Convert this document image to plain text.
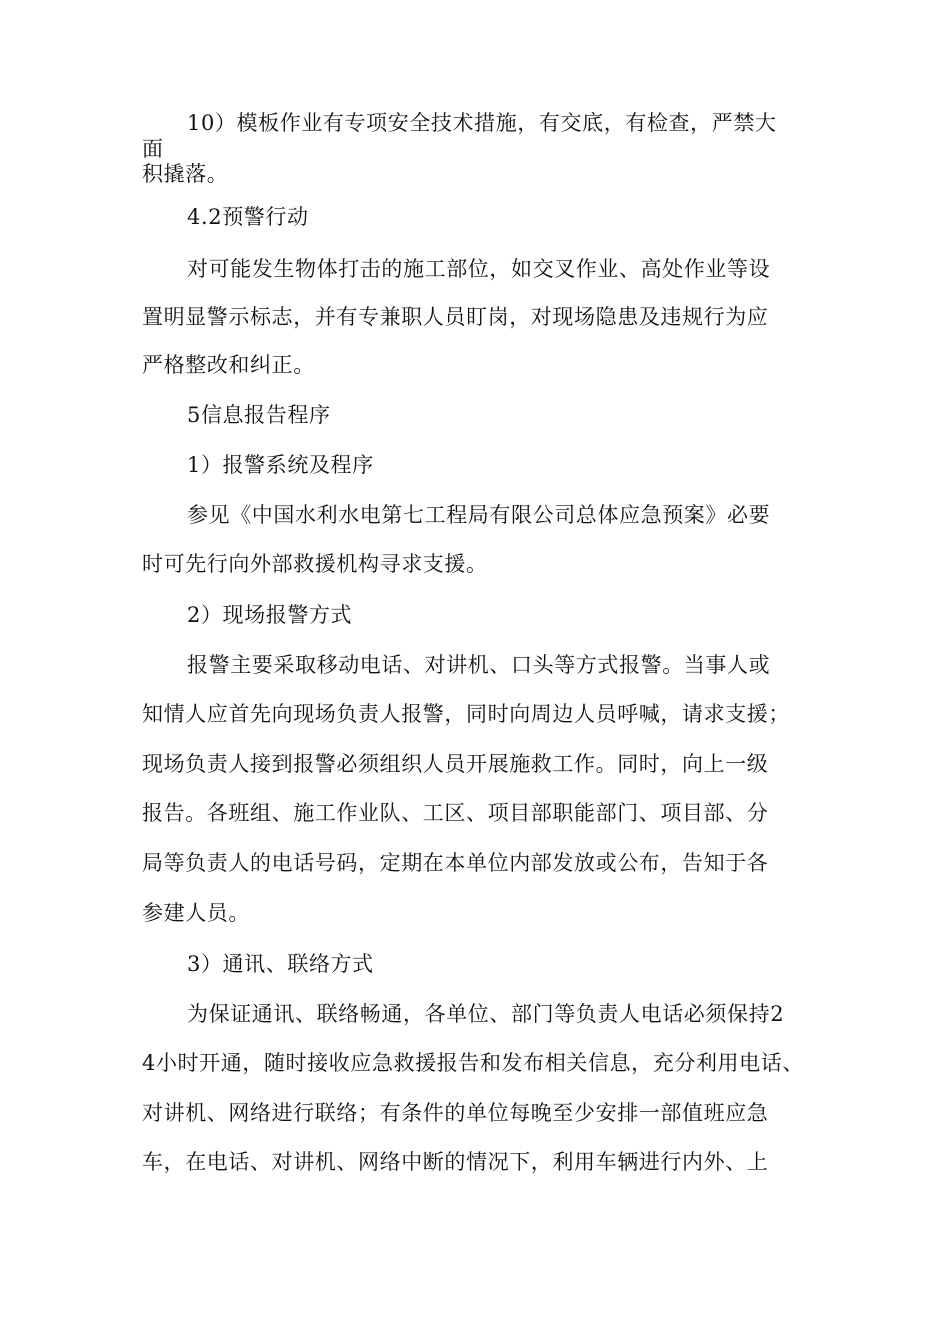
10）模板作业有专项安全技术措施，有交底，有检查，严禁大
面
积撬落。
4.2预警行动
对可能发生物体打击的施工部位，如交叉作业、高处作业等设
置明显警示标志，并有专兼职人员盯岗，对现场隐患及违规行为应
严格整改和纠正。
5信息报告程序
1）报警系统及程序
参见《中国水利水电第七工程局有限公司总体应急预案》必要
时可先行向外部救援机构寻求支援。
2）现场报警方式
报警主要采取移动电话、对讲机、口头等方式报警。当事人或
知情人应首先向现场负责人报警，同时向周边人员呼喊，请求支援；
现场负责人接到报警必须组织人员开展施救工作。同时，向上一级
报告。各班组、施工作业队、工区、项目部职能部门、项目部、分
局等负责人的电话号码，定期在本单位内部发放或公布，告知于各
参建人员。
3）通讯、联络方式
为保证通讯、联络畅通，各单位、部门等负责人电话必须保持2
4小时开通，随时接收应急救援报告和发布相关信息，充分利用电话、
对讲机、网络进行联络；有条件的单位每晚至少安排一部值班应急
车，在电话、对讲机、网络中断的情况下，利用车辆进行内外、上
